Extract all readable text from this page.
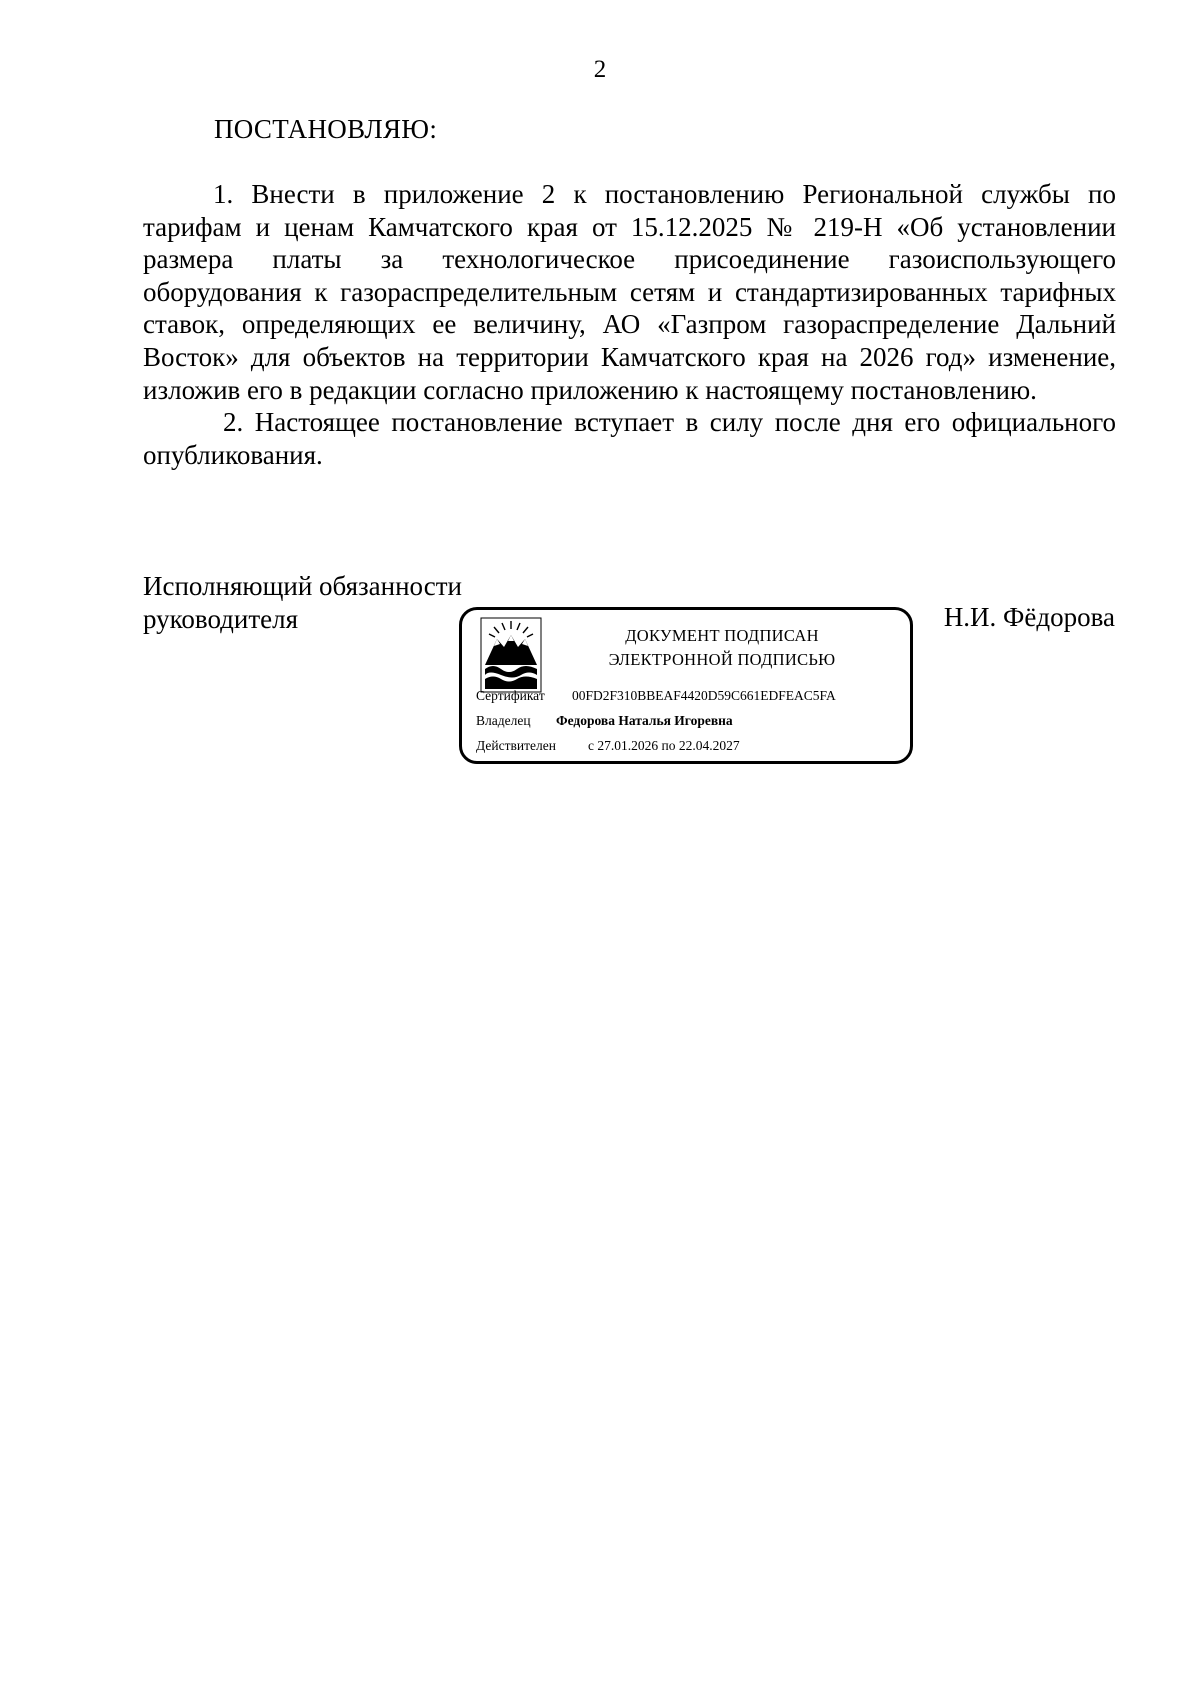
2
ПОСТАНОВЛЯЮ:

1. Внести в приложение 2 к постановлению Региональной службы по тарифам и ценам Камчатского края от 15.12.2025 № 219-Н «Об установлении размера платы за технологическое присоединение газоиспользующего оборудования к газораспределительным сетям и стандартизированных тарифных ставок, определяющих ее величину, АО «Газпром газораспределение Дальний Восток» для объектов на территории Камчатского края на 2026 год» изменение, изложив его в редакции согласно приложению к настоящему постановлению.

2. Настоящее постановление вступает в силу после дня его официального опубликования.

Исполняющий обязанности
руководителя	Н.И. Фёдорова
ДОКУМЕНТ ПОДПИСАН
ЭЛЕКТРОННОЙ ПОДПИСЬЮ
Сертификат 00FD2F310BBEAF4420D59C661EDFEAC5FA
Владелец Федорова Наталья Игоревна
Действителен с 27.01.2026 по 22.04.2027
